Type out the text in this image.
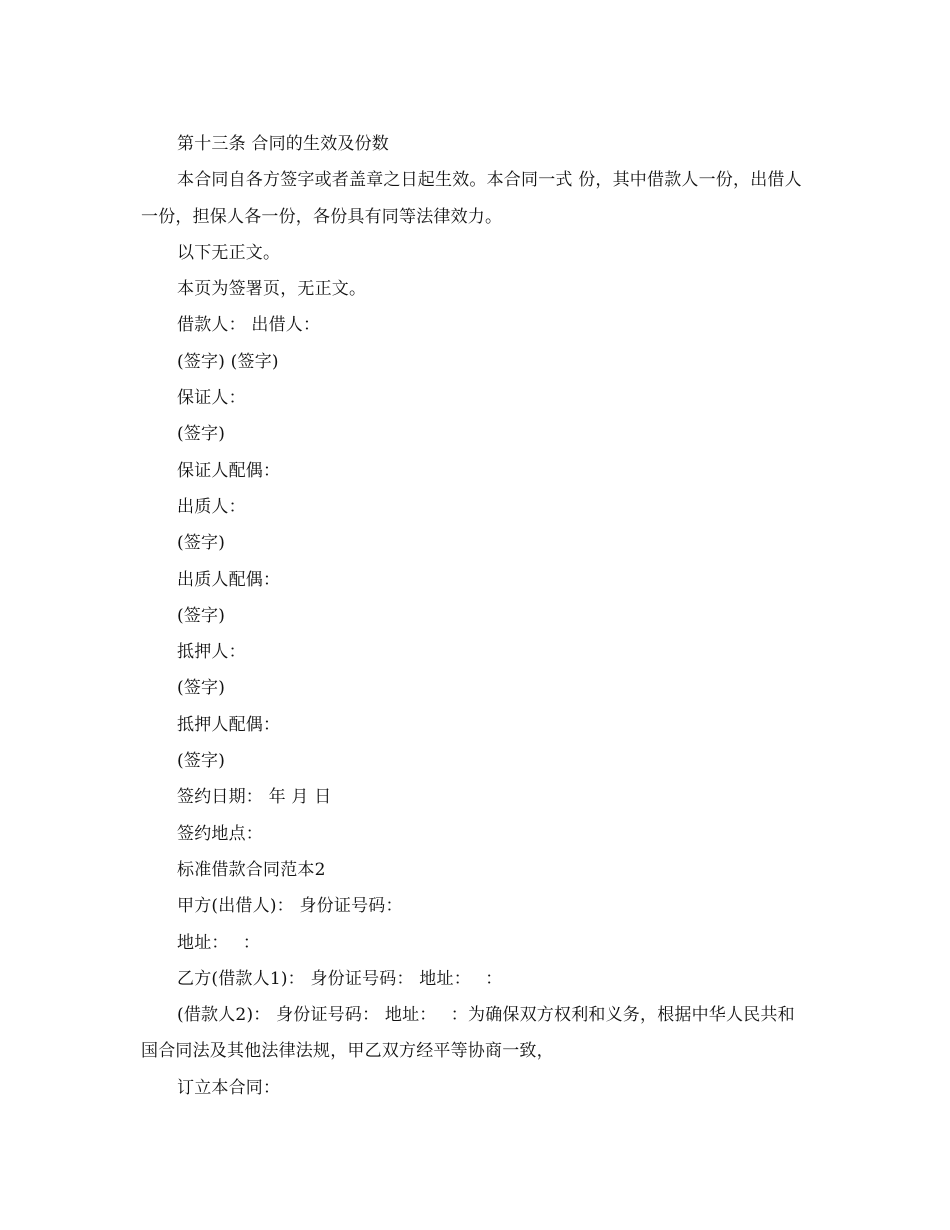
第十三条 合同的生效及份数

本合同自各方签字或者盖章之日起生效。本合同一式 份，其中借款人一份，出借人一份，担保人各一份，各份具有同等法律效力。

以下无正文。

本页为签署页，无正文。

借款人： 出借人：

(签字) (签字)

保证人：

(签字)

保证人配偶：

出质人：

(签字)

出质人配偶：

(签字)

抵押人：

(签字)

抵押人配偶：

(签字)

签约日期： 年 月 日

签约地点：

标准借款合同范本2

甲方(出借人)： 身份证号码：

地址：　 ：

乙方(借款人1)： 身份证号码： 地址：　 ：

(借款人2)： 身份证号码： 地址：　 ：为确保双方权利和义务，根据中华人民共和国合同法及其他法律法规，甲乙双方经平等协商一致，

订立本合同：
